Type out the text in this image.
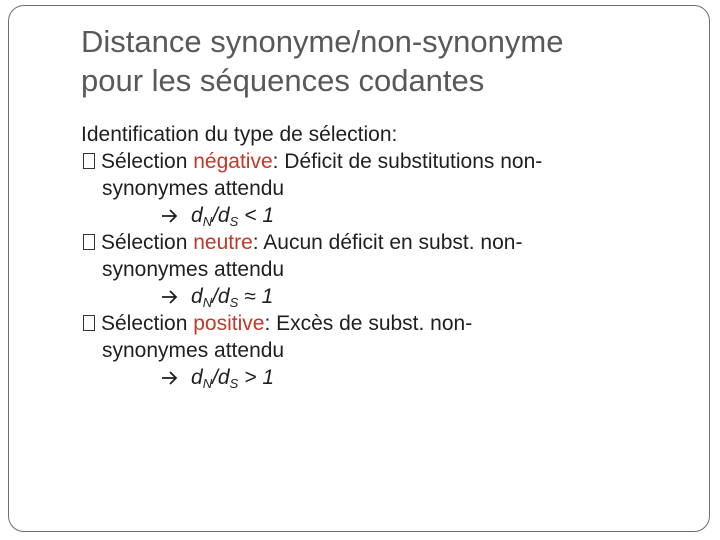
Distance synonyme/non-synonyme
pour les séquences codantes
Identification du type de sélection:
Sélection négative: Déficit de substitutions non-
synonymes attendu
$d_N/d_S < 1$
Sélection neutre: Aucun déficit en subst. non-
synonymes attendu
$d_N/d_S \approx 1$
Sélection positive: Excès de subst. non-
synonymes attendu
$d_N/d_S > 1$
